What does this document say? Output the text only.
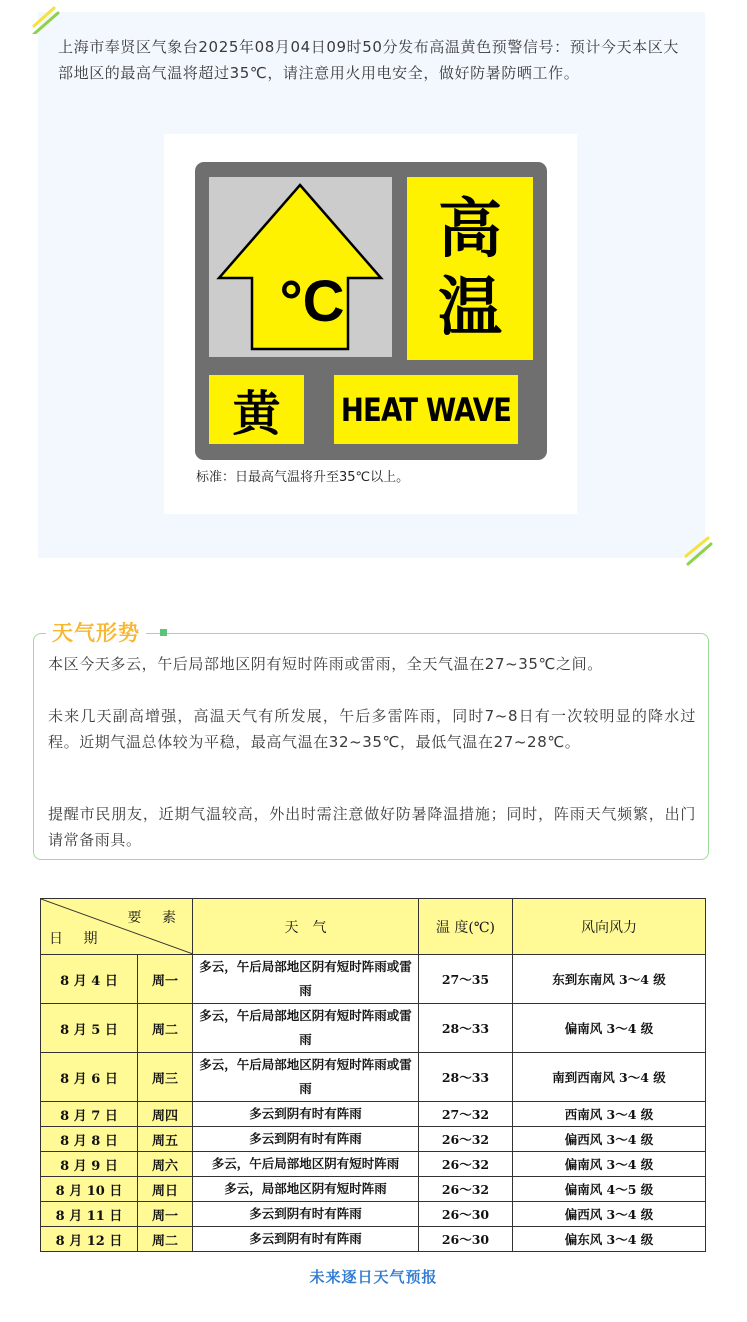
上海市奉贤区气象台2025年08月04日09时50分发布高温黄色预警信号：预计今天本区大部地区的最高气温将超过35℃，请注意用火用电安全，做好防暑防晒工作。

°C
高
温
黄	HEAT WAVE
标准：日最高气温将升至35℃以上。
天气形势

本区今天多云，午后局部地区阴有短时阵雨或雷雨，全天气温在27~35℃之间。

未来几天副高增强，高温天气有所发展，午后多雷阵雨，同时7~8日有一次较明显的降水过程。近期气温总体较为平稳，最高气温在32~35℃，最低气温在27~28℃。

提醒市民朋友，近期气温较高，外出时需注意做好防暑降温措施；同时，阵雨天气频繁，出门请常备雨具。

要 素
日 期		天　气	温 度(℃)	风向风力
8 月 4 日	周一	多云，午后局部地区阴有短时阵雨或雷雨	27～35	东到东南风 3～4 级
8 月 5 日	周二	多云，午后局部地区阴有短时阵雨或雷雨	28～33	偏南风 3～4 级
8 月 6 日	周三	多云，午后局部地区阴有短时阵雨或雷雨	28～33	南到西南风 3～4 级
8 月 7 日	周四	多云到阴有时有阵雨	27～32	西南风 3～4 级
8 月 8 日	周五	多云到阴有时有阵雨	26～32	偏西风 3～4 级
8 月 9 日	周六	多云，午后局部地区阴有短时阵雨	26～32	偏南风 3～4 级
8 月 10 日	周日	多云，局部地区阴有短时阵雨	26～32	偏南风 4～5 级
8 月 11 日	周一	多云到阴有时有阵雨	26～30	偏西风 3～4 级
8 月 12 日	周二	多云到阴有时有阵雨	26～30	偏东风 3～4 级
未来逐日天气预报
